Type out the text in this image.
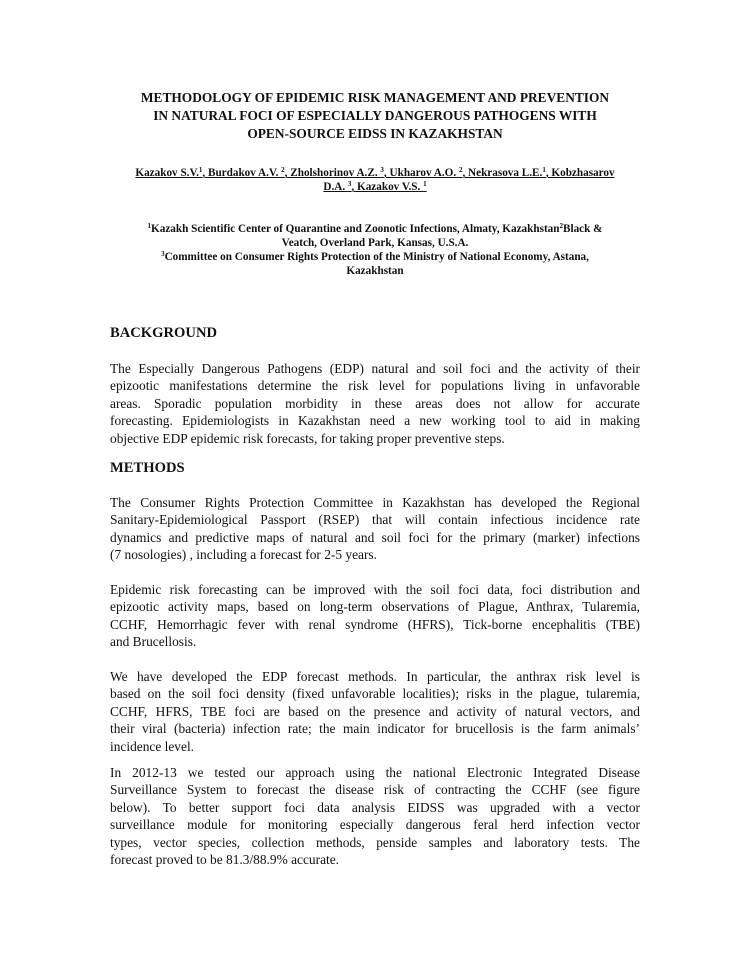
METHODOLOGY OF EPIDEMIC RISK MANAGEMENT AND PREVENTION
IN NATURAL FOCI OF ESPECIALLY DANGEROUS PATHOGENS WITH
OPEN-SOURCE EIDSS IN KAZAKHSTAN
Kazakov S.V.$^1$, Burdakov A.V. $^2$, Zholshorinov A.Z. $^3$, Ukharov A.O. $^2$, Nekrasova L.E.$^1$, Kobzhasarov
D.A. $^3$, Kazakov V.S. $^1$
$^1$Kazakh Scientific Center of Quarantine and Zoonotic Infections, Almaty, Kazakhstan$^2$Black &
Veatch, Overland Park, Kansas, U.S.A.
$^3$Committee on Consumer Rights Protection of the Ministry of National Economy, Astana,
Kazakhstan
BACKGROUND
The Especially Dangerous Pathogens (EDP) natural and soil foci and the activity of their
epizootic manifestations determine the risk level for populations living in unfavorable
areas. Sporadic population morbidity in these areas does not allow for accurate
forecasting. Epidemiologists in Kazakhstan need a new working tool to aid in making
objective EDP epidemic risk forecasts, for taking proper preventive steps.
METHODS
The Consumer Rights Protection Committee in Kazakhstan has developed the Regional
Sanitary-Epidemiological Passport (RSEP) that will contain infectious incidence rate
dynamics and predictive maps of natural and soil foci for the primary (marker) infections
(7 nosologies) , including a forecast for 2-5 years.
Epidemic risk forecasting can be improved with the soil foci data, foci distribution and
epizootic activity maps, based on long-term observations of Plague, Anthrax, Tularemia,
CCHF, Hemorrhagic fever with renal syndrome (HFRS), Tick-borne encephalitis (TBE)
and Brucellosis.
We have developed the EDP forecast methods. In particular, the anthrax risk level is
based on the soil foci density (fixed unfavorable localities); risks in the plague, tularemia,
CCHF, HFRS, TBE foci are based on the presence and activity of natural vectors, and
their viral (bacteria) infection rate; the main indicator for brucellosis is the farm animals’
incidence level.
In 2012-13 we tested our approach using the national Electronic Integrated Disease
Surveillance System to forecast the disease risk of contracting the CCHF (see figure
below). To better support foci data analysis EIDSS was upgraded with a vector
surveillance module for monitoring especially dangerous feral herd infection vector
types, vector species, collection methods, penside samples and laboratory tests. The
forecast proved to be 81.3/88.9% accurate.
